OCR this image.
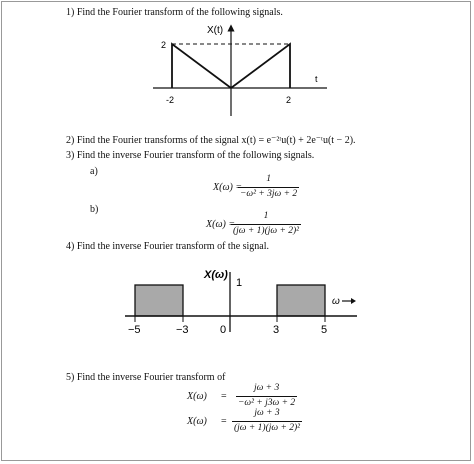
1) Find the Fourier transform of the following signals.
X(t)
2
t
-2	2
2) Find the Fourier transforms of the signal x(t) = e⁻²ᵗu(t) + 2e⁻ᵗu(t − 2).
3) Find the inverse Fourier transform of the following signals.
a)
X(ω) =
$\frac{1}{\text{−ω² + 3jω + 2}}$
b)
X(ω) =
$\frac{1}{\text{(jω + 1)(jω + 2)²}}$
4) Find the inverse Fourier transform of the signal.
X(ω)
1
ω
−5	−3	0	3	5
5) Find the inverse Fourier transform of
$X(\omega) = \frac{j\omega + 3}{\text{−ω² + j3ω + 2}}$
$X(\omega) = \frac{j\omega + 3}{\text{(jω + 1)(jω + 2)²}}$
